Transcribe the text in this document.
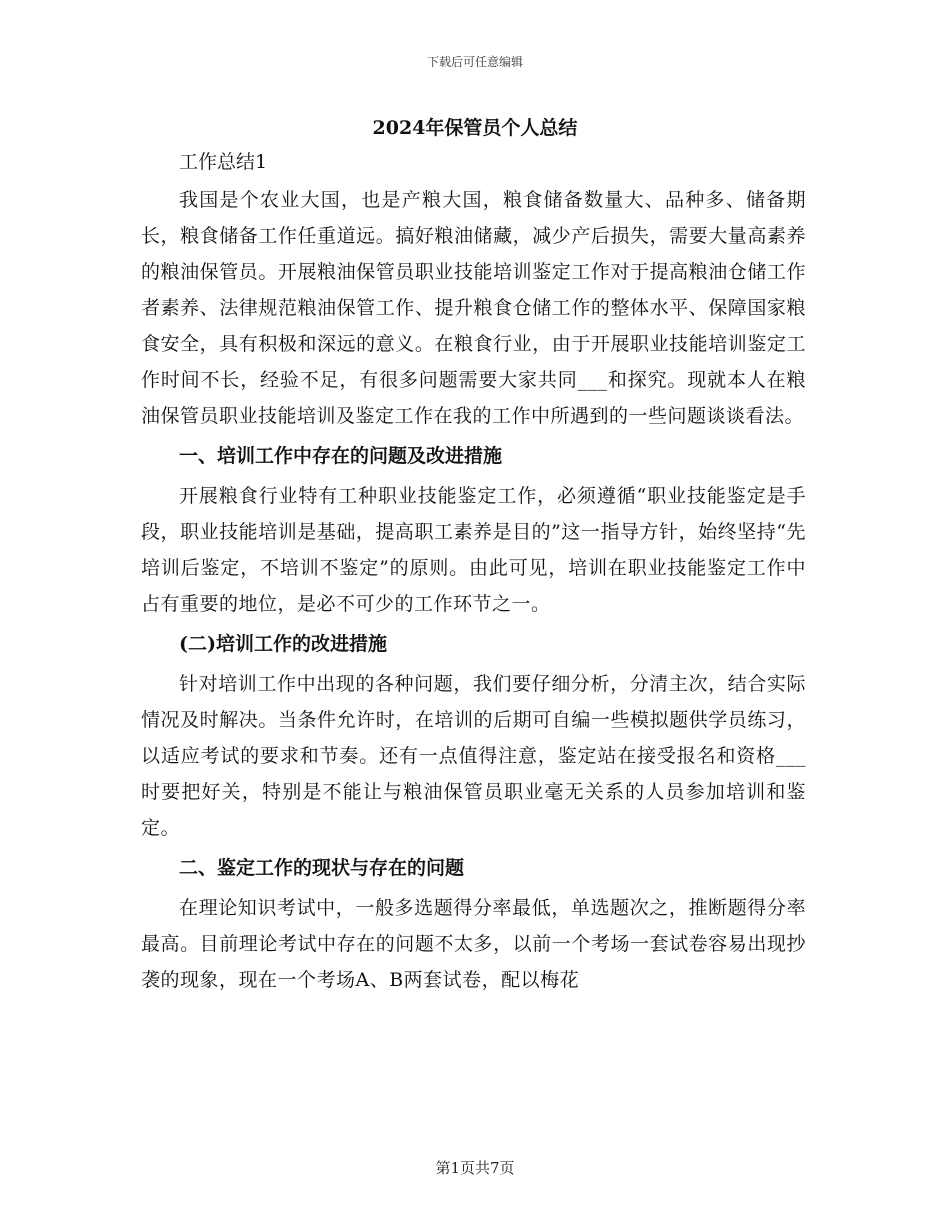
下载后可任意编辑
2024年保管员个人总结

工作总结1

我国是个农业大国，也是产粮大国，粮食储备数量大、品种多、储备期长，粮食储备工作任重道远。搞好粮油储藏，减少产后损失，需要大量高素养的粮油保管员。开展粮油保管员职业技能培训鉴定工作对于提高粮油仓储工作者素养、法律规范粮油保管工作、提升粮食仓储工作的整体水平、保障国家粮食安全，具有积极和深远的意义。在粮食行业，由于开展职业技能培训鉴定工作时间不长，经验不足，有很多问题需要大家共同___和探究。现就本人在粮油保管员职业技能培训及鉴定工作在我的工作中所遇到的一些问题谈谈看法。

一、培训工作中存在的问题及改进措施

开展粮食行业特有工种职业技能鉴定工作，必须遵循“职业技能鉴定是手段，职业技能培训是基础，提高职工素养是目的”这一指导方针，始终坚持“先培训后鉴定，不培训不鉴定”的原则。由此可见，培训在职业技能鉴定工作中占有重要的地位，是必不可少的工作环节之一。

(二)培训工作的改进措施

针对培训工作中出现的各种问题，我们要仔细分析，分清主次，结合实际情况及时解决。当条件允许时，在培训的后期可自编一些模拟题供学员练习，以适应考试的要求和节奏。还有一点值得注意，鉴定站在接受报名和资格___时要把好关，特别是不能让与粮油保管员职业毫无关系的人员参加培训和鉴定。

二、鉴定工作的现状与存在的问题

在理论知识考试中，一般多选题得分率最低，单选题次之，推断题得分率最高。目前理论考试中存在的问题不太多，以前一个考场一套试卷容易出现抄袭的现象，现在一个考场A、B两套试卷，配以梅花

第1页共7页
